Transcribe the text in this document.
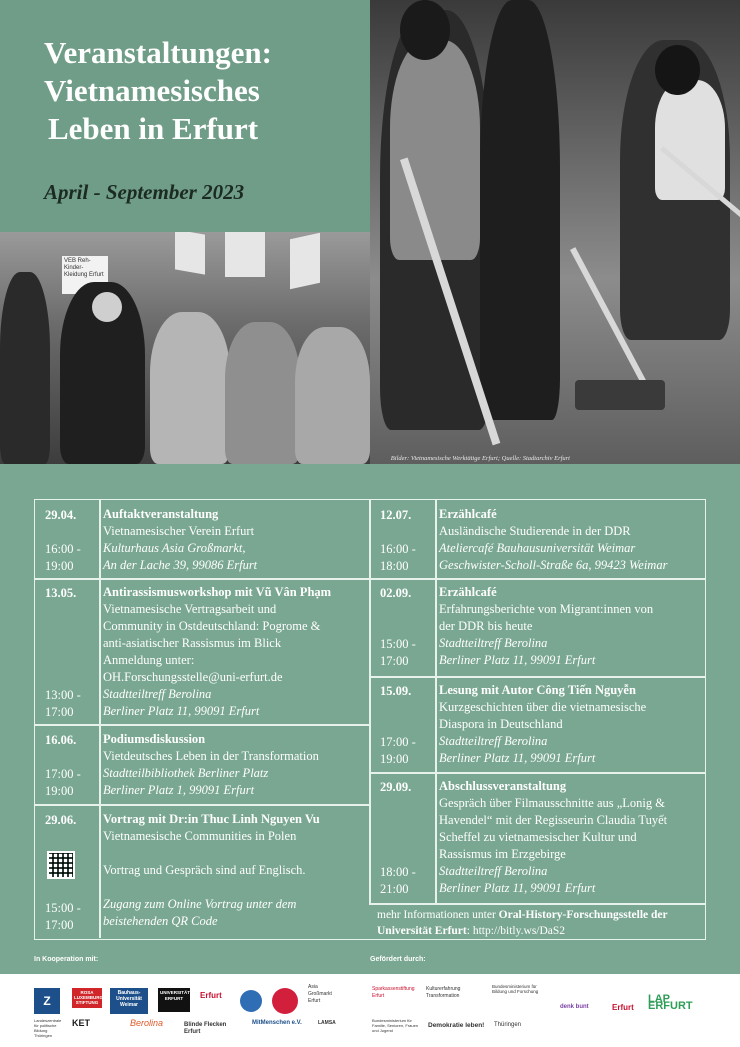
Veranstaltungen:
Vietnamesisches
Leben in Erfurt
April - September 2023
VEB Reh-Kinder-Kleidung Erfurt
Bilder: Vietnamesische Werktätige Erfurt; Quelle: Stadtarchiv Erfurt
29.04.
16:00 -
19:00
Auftaktveranstaltung
Vietnamesischer Verein Erfurt
Kulturhaus Asia Großmarkt,
An der Lache 39, 99086 Erfurt
13.05.
13:00 -
17:00
Antirassismusworkshop mit Vũ Vân Phạm
Vietnamesische Vertragsarbeit und
Community in Ostdeutschland: Pogrome &
anti-asiatischer Rassismus im Blick
Anmeldung unter:
OH.Forschungsstelle@uni-erfurt.de
Stadtteiltreff Berolina
Berliner Platz 11, 99091 Erfurt
16.06.
17:00 -
19:00
Podiumsdiskussion
Vietdeutsches Leben in der Transformation
Stadtteilbibliothek Berliner Platz
Berliner Platz 1, 99091 Erfurt
29.06.
15:00 -
17:00
Vortrag mit Dr:in Thuc Linh Nguyen Vu
Vietnamesische Communities in Polen
Vortrag und Gespräch sind auf Englisch.
Zugang zum Online Vortrag unter dem
beistehenden QR Code
12.07.
16:00 -
18:00
Erzählcafé
Ausländische Studierende in der DDR
Ateliercafé Bauhausuniversität Weimar
Geschwister-Scholl-Straße 6a, 99423 Weimar
02.09.
15:00 -
17:00
Erzählcafé
Erfahrungsberichte von Migrant:innen von
der DDR bis heute
Stadtteiltreff Berolina
Berliner Platz 11, 99091 Erfurt
15.09.
17:00 -
19:00
Lesung mit Autor Công Tiến Nguyễn
Kurzgeschichten über die vietnamesische
Diaspora in Deutschland
Stadtteiltreff Berolina
Berliner Platz 11, 99091 Erfurt
29.09.
18:00 -
21:00
Abschlussveranstaltung
Gespräch über Filmausschnitte aus „Lonig &
Havendel“ mit der Regisseurin Claudia Tuyết
Scheffel zu vietnamesischer Kultur und
Rassismus im Erzgebirge
Stadtteiltreff Berolina
Berliner Platz 11, 99091 Erfurt
mehr Informationen unter Oral-History-Forschungsstelle der
Universität Erfurt: http://bitly.ws/DaS2
In Kooperation mit:	Gefördert durch:
Z
Landeszentrale für politische Bildung Thüringen
ROSA LUXEMBURG STIFTUNG
Bauhaus-Universität Weimar
UNIVERSITÄT ERFURT	Erfurt
Asia Großmarkt Erfurt
KET	Berolina	Blinde Flecken Erfurt
MitMenschen e.V.	LAMSA
Sparkassenstiftung Erfurt
Kulturerfahrung Transformation
Bundesministerium für Bildung und Forschung
Bundesministerium für Familie, Senioren, Frauen und Jugend
Demokratie leben!	Thüringen
denk bunt	Erfurt
LAP ERFURT
